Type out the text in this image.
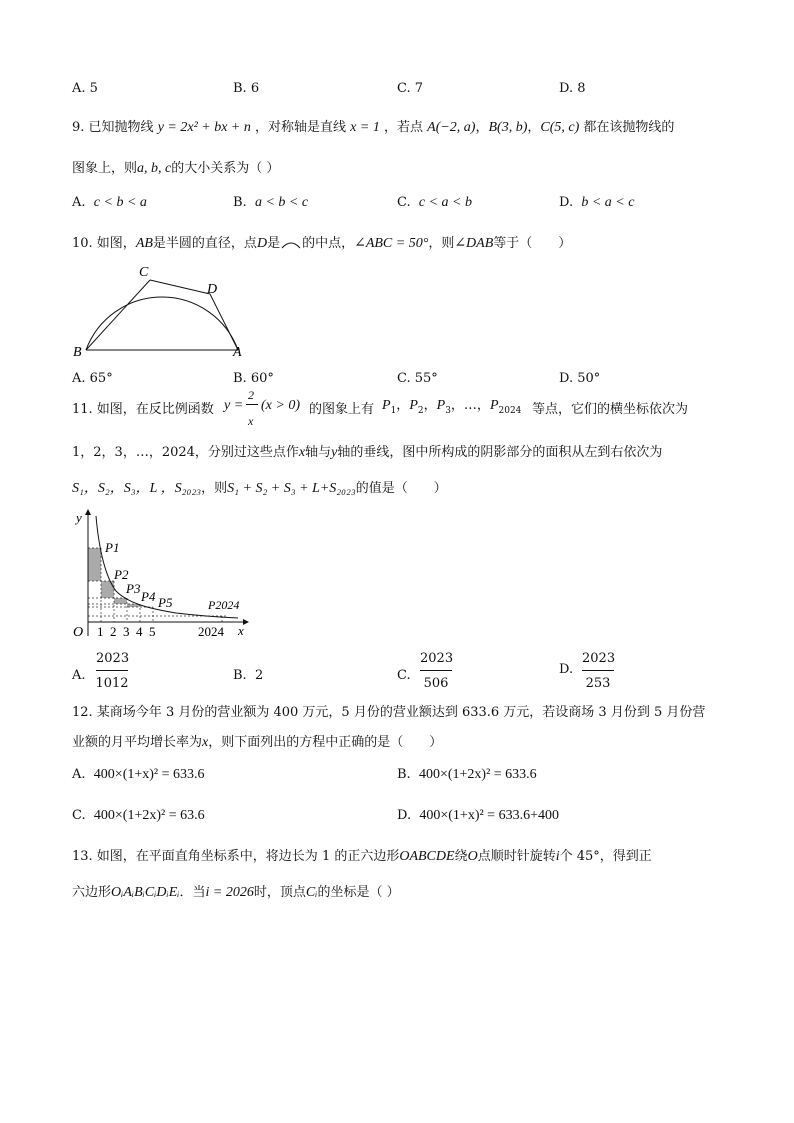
A. 5	B. 6	C. 7	D. 8
9. 已知抛物线 y = 2x² + bx + n ，对称轴是直线 x = 1 ，若点 A(−2, a)，B(3, b)，C(5, c) 都在该抛物线的
图象上，则a, b, c的大小关系为（ ）
A. c < b < a	B. a < b < c	C. c < a < b	D. b < a < c
10. 如图，AB是半圆的直径，点D是 的中点，∠ABC = 50°，则∠DAB等于（　　）
C
D
B	A
A. 65°	B. 60°	C. 55°	D. 50°
11. 如图，在反比例函数 y =
2
x
(x > 0) 的图象上有 $P_1$，$P_2$，$P_3$，…，$P_{2024}$ 等点，它们的横坐标依次为
1，2，3，…，2024，分别过这些点作x轴与y轴的垂线，图中所构成的阴影部分的面积从左到右依次为
S₁，S₂，S₃，L ，S₂₀₂₃，则S₁ + S₂ + S₃ + L+S₂₀₂₃的值是（　　）
y
x
O
P1
P2
P3
P4 P5	P2024
1 2 3 4 5	2024
A.
2023
1012
B. 2	C.
2023
506
D.
2023
253
12. 某商场今年 3 月份的营业额为 400 万元，5 月份的营业额达到 633.6 万元，若设商场 3 月份到 5 月份营
业额的月平均增长率为x，则下面列出的方程中正确的是（　　）
A. 400×(1+x)² = 633.6	B. 400×(1+2x)² = 633.6
C. 400×(1+2x)² = 63.6	D. 400×(1+x)² = 633.6+400
13. 如图，在平面直角坐标系中，将边长为 1 的正六边形OABCDE绕O点顺时针旋转i个 45°，得到正
六边形OᵢAᵢBᵢCᵢDᵢEᵢ．当i = 2026时，顶点Cᵢ的坐标是（ ）
